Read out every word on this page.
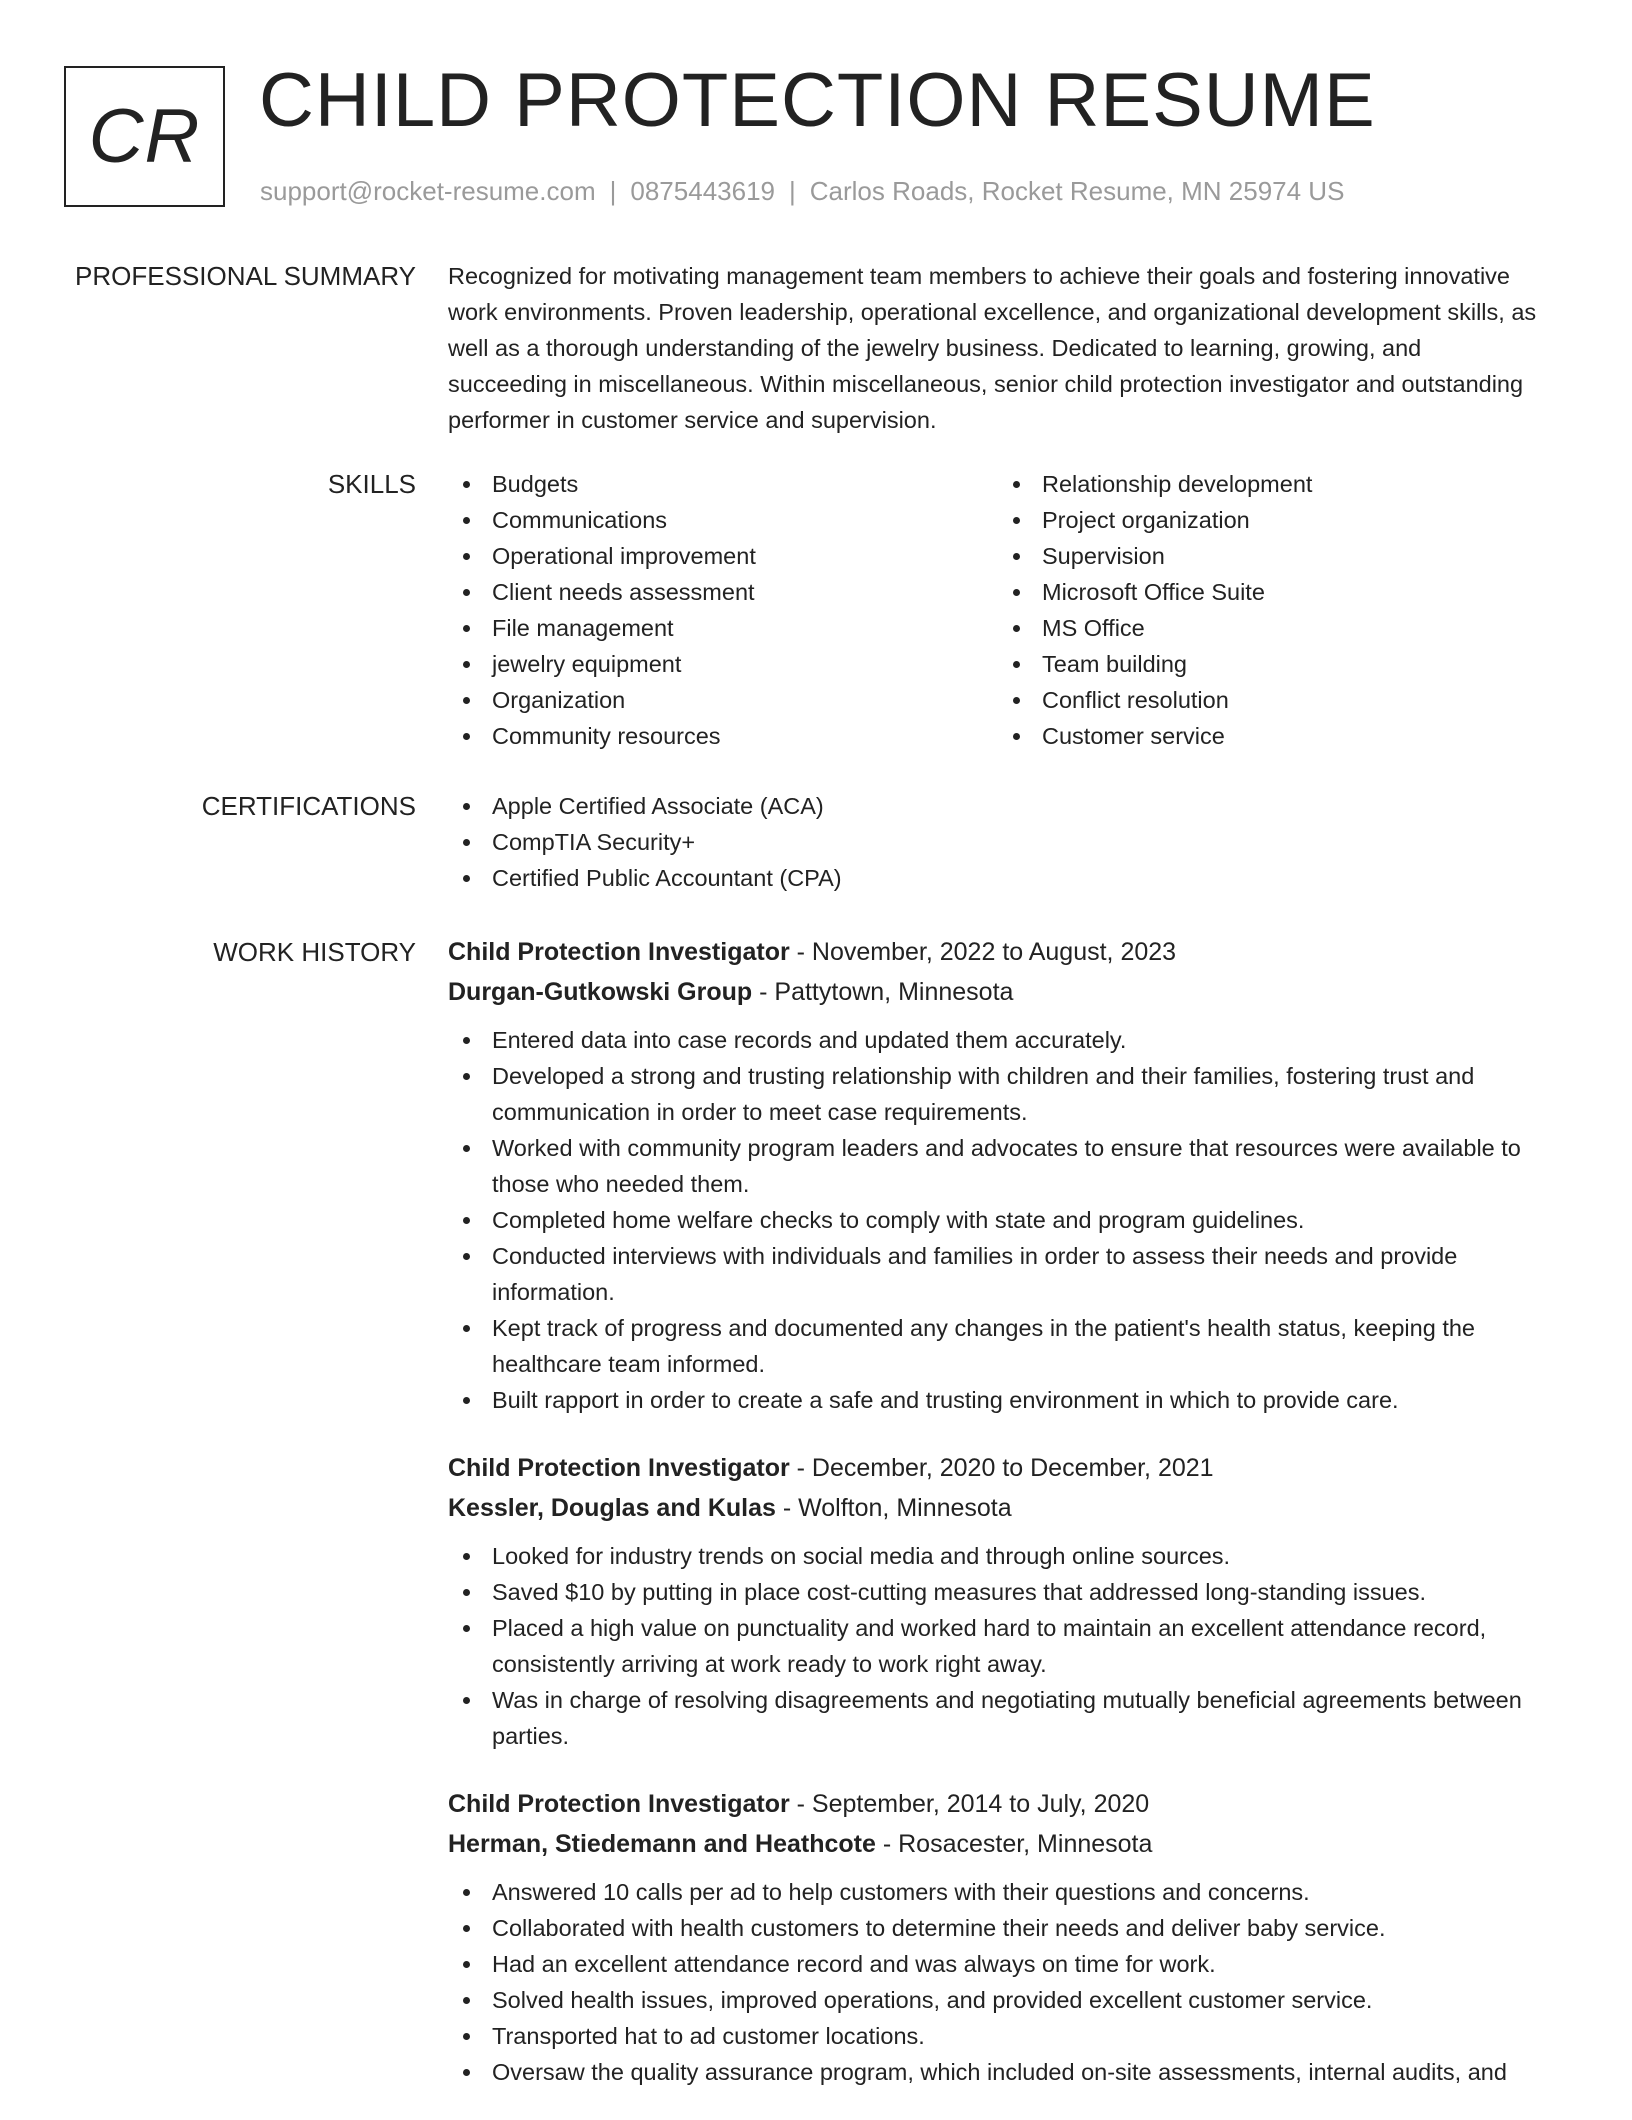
CR CHILD PROTECTION RESUME
support@rocket-resume.com | 0875443619 | Carlos Roads, Rocket Resume, MN 25974 US
PROFESSIONAL SUMMARY Recognized for motivating management team members to achieve their goals and fostering innovative work environments. Proven leadership, operational excellence, and organizational development skills, as well as a thorough understanding of the jewelry business. Dedicated to learning, growing, and succeeding in miscellaneous. Within miscellaneous, senior child protection investigator and outstanding performer in customer service and supervision.
SKILLS	Budgets
Communications
Operational improvement
Client needs assessment
File management
jewelry equipment
Organization
Community resources
Relationship development
Project organization
Supervision
Microsoft Office Suite
MS Office
Team building
Conflict resolution
Customer service
CERTIFICATIONS	Apple Certified Associate (ACA)
CompTIA Security+
Certified Public Accountant (CPA)
WORK HISTORY Child Protection Investigator - November, 2022 to August, 2023
Durgan-Gutkowski Group - Pattytown, Minnesota
Entered data into case records and updated them accurately.
Developed a strong and trusting relationship with children and their families, fostering trust and communication in order to meet case requirements.
Worked with community program leaders and advocates to ensure that resources were available to those who needed them.
Completed home welfare checks to comply with state and program guidelines.
Conducted interviews with individuals and families in order to assess their needs and provide information.
Kept track of progress and documented any changes in the patient's health status, keeping the healthcare team informed.
Built rapport in order to create a safe and trusting environment in which to provide care.
Child Protection Investigator - December, 2020 to December, 2021
Kessler, Douglas and Kulas - Wolfton, Minnesota
Looked for industry trends on social media and through online sources.
Saved $10 by putting in place cost-cutting measures that addressed long-standing issues.
Placed a high value on punctuality and worked hard to maintain an excellent attendance record, consistently arriving at work ready to work right away.
Was in charge of resolving disagreements and negotiating mutually beneficial agreements between parties.
Child Protection Investigator - September, 2014 to July, 2020
Herman, Stiedemann and Heathcote - Rosacester, Minnesota
Answered 10 calls per ad to help customers with their questions and concerns.
Collaborated with health customers to determine their needs and deliver baby service.
Had an excellent attendance record and was always on time for work.
Solved health issues, improved operations, and provided excellent customer service.
Transported hat to ad customer locations.
Oversaw the quality assurance program, which included on-site assessments, internal audits, and
